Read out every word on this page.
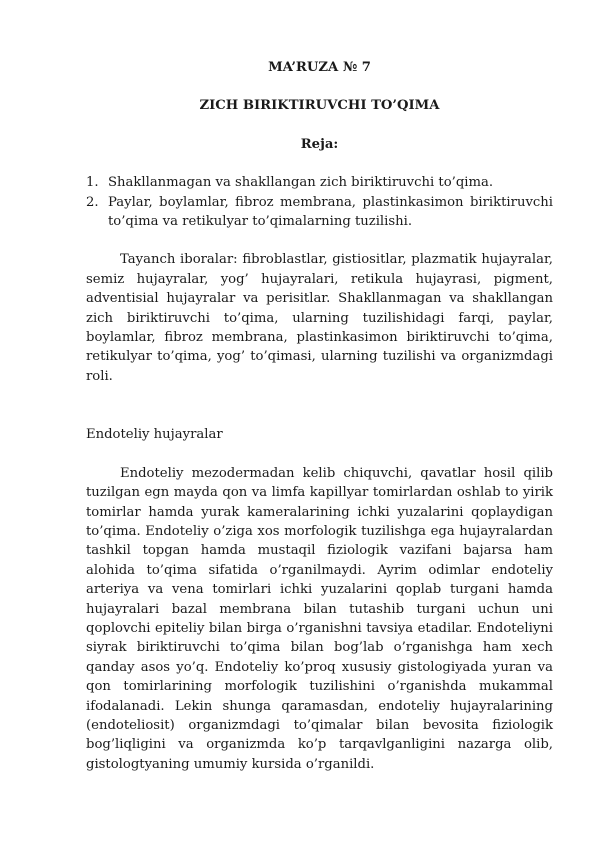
MA’RUZA № 7

ZICH BIRIKTIRUVCHI TO’QIMA

Reja:

1. Shakllanmagan va shakllangan zich biriktiruvchi to’qima.
2. Paylar, boylamlar, fibroz membrana, plastinkasimon biriktiruvchi to’qima va retikulyar to’qimalarning tuzilishi.

Tayanch iboralar: fibroblastlar, gistiositlar, plazmatik hujayralar, semiz hujayralar, yog’ hujayralari, retikula hujayrasi, pigment, adventisial hujayralar va perisitlar. Shakllanmagan va shakllangan zich biriktiruvchi to’qima, ularning tuzilishidagi farqi, paylar, boylamlar, fibroz membrana, plastinkasimon biriktiruvchi to’qima, retikulyar to’qima, yog’ to’qimasi, ularning tuzilishi va organizmdagi roli.

Endoteliy hujayralar

Endoteliy mezodermadan kelib chiquvchi, qavatlar hosil qilib tuzilgan egn mayda qon va limfa kapillyar tomirlardan oshlab to yirik tomirlar hamda yurak kameralarining ichki yuzalarini qoplaydigan to’qima. Endoteliy o’ziga xos morfologik tuzilishga ega hujayralardan tashkil topgan hamda mustaqil fiziologik vazifani bajarsa ham alohida to’qima sifatida o’rganilmaydi. Ayrim odimlar endoteliy arteriya va vena tomirlari ichki yuzalarini qoplab turgani hamda hujayralari bazal membrana bilan tutashib turgani uchun uni qoplovchi epiteliy bilan birga o’rganishni tavsiya etadilar. Endoteliyni siyrak biriktiruvchi to’qima bilan bog’lab o’rganishga ham xech qanday asos yo’q. Endoteliy ko’proq xususiy gistologiyada yuran va qon tomirlarining morfologik tuzilishini o’rganishda mukammal ifodalanadi. Lekin shunga qaramasdan, endoteliy hujayralarining (endoteliosit) organizmdagi to’qimalar bilan bevosita fiziologik bog’liqligini va organizmda ko’p tarqavlganligini nazarga olib, gistologtyaning umumiy kursida o’rganildi.
